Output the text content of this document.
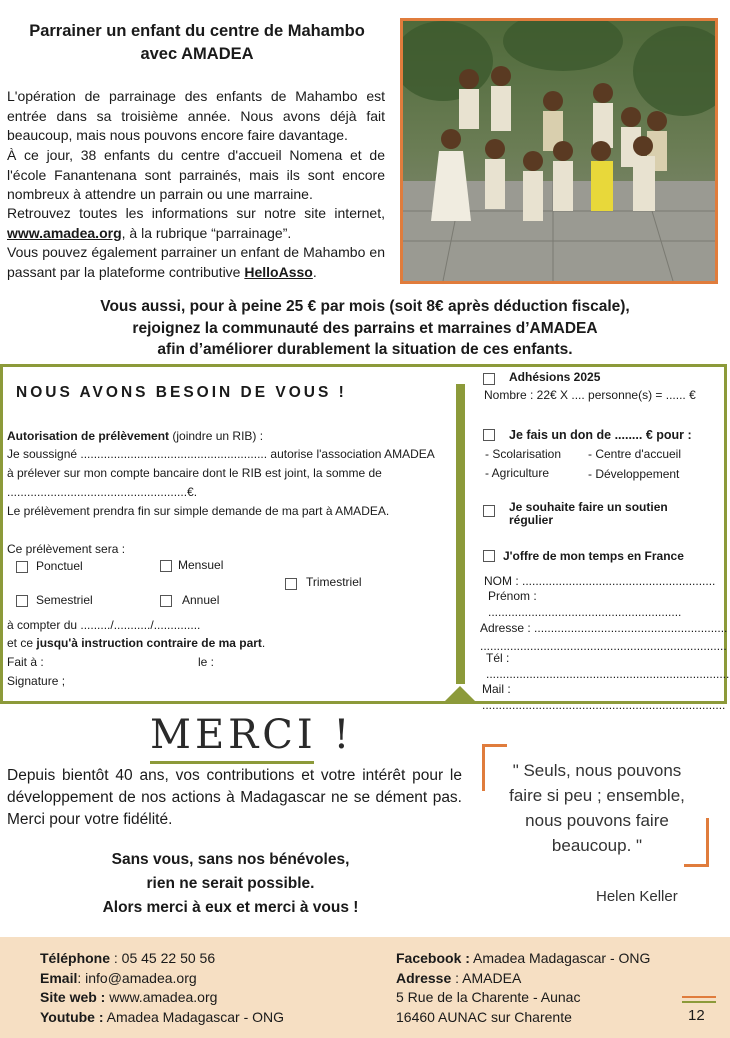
Parrainer un enfant du centre de Mahambo
avec AMADEA
L'opération de parrainage des enfants de Mahambo est entrée dans sa troisième année. Nous avons déjà fait beaucoup, mais nous pouvons encore faire davantage.
À ce jour, 38 enfants du centre d'accueil Nomena et de l'école Fanantenana sont parrainés, mais ils sont encore nombreux à attendre un parrain ou une marraine.
Retrouvez toutes les informations sur notre site internet, www.amadea.org, à la rubrique “parrainage”.
Vous pouvez également parrainer un enfant de Mahambo en passant par la plateforme contributive HelloAsso.
Vous aussi, pour à peine 25 € par mois (soit 8€ après déduction fiscale),
rejoignez la communauté des parrains et marraines d’AMADEA
afin d’améliorer durablement la situation de ces enfants.
NOUS AVONS BESOIN DE VOUS !
Autorisation de prélèvement (joindre un RIB) :
Je soussigné ........................................................ autorise l'association AMADEA
à prélever sur mon compte bancaire dont le RIB est joint, la somme de
......................................................€.
Le prélèvement prendra fin sur simple demande de ma part à AMADEA.
Ce prélèvement sera :
Ponctuel	Mensuel
Trimestriel
Semestriel	Annuel
à compter du ........./.........../..............
et ce jusqu'à instruction contraire de ma part.
Fait à :	le :
Signature ;
Adhésions 2025
Nombre : 22€ X .... personne(s) = ...... €
Je fais un don de ........ € pour :
- Scolarisation - Centre d'accueil
- Agriculture	- Développement
Je souhaite faire un soutien
régulier
J'offre de mon temps en France
NOM : ..........................................................
Prénom : ..........................................................
Adresse : ..........................................................
..........................................................................
Tél : .........................................................................
Mail : .........................................................................
MERCI !
Depuis bientôt 40 ans, vos contributions et votre intérêt pour le développement de nos actions à Madagascar ne se dément pas. Merci pour votre fidélité.
Sans vous, sans nos bénévoles,
rien ne serait possible.
Alors merci à eux et merci à vous !
" Seuls, nous pouvons faire si peu ; ensemble, nous pouvons faire beaucoup. "
Helen Keller
Téléphone : 05 45 22 50 56
Email: info@amadea.org
Site web : www.amadea.org
Youtube : Amadea Madagascar - ONG
Facebook : Amadea Madagascar - ONG
Adresse : AMADEA
5 Rue de la Charente - Aunac
16460 AUNAC sur Charente	12
